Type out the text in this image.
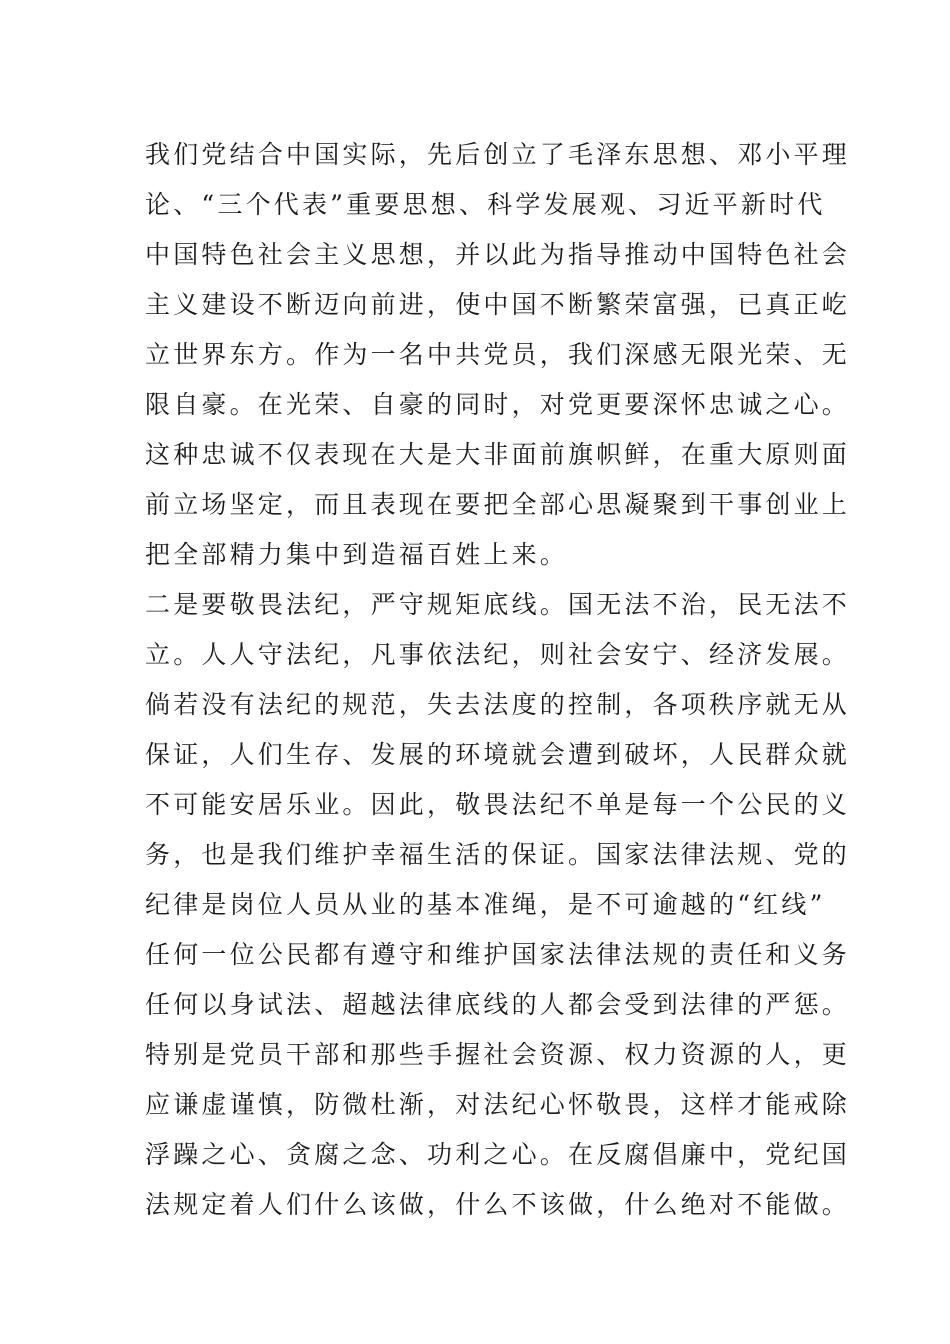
我们党结合中国实际，先后创立了毛泽东思想、邓小平理
论、“三个代表”重要思想、科学发展观、习近平新时代
中国特色社会主义思想，并以此为指导推动中国特色社会
主义建设不断迈向前进，使中国不断繁荣富强，已真正屹
立世界东方。作为一名中共党员，我们深感无限光荣、无
限自豪。在光荣、自豪的同时，对党更要深怀忠诚之心。
这种忠诚不仅表现在大是大非面前旗帜鲜，在重大原则面
前立场坚定，而且表现在要把全部心思凝聚到干事创业上
把全部精力集中到造福百姓上来。
二是要敬畏法纪，严守规矩底线。国无法不治，民无法不
立。人人守法纪，凡事依法纪，则社会安宁、经济发展。
倘若没有法纪的规范，失去法度的控制，各项秩序就无从
保证，人们生存、发展的环境就会遭到破坏，人民群众就
不可能安居乐业。因此，敬畏法纪不单是每一个公民的义
务，也是我们维护幸福生活的保证。国家法律法规、党的
纪律是岗位人员从业的基本准绳，是不可逾越的“红线”
任何一位公民都有遵守和维护国家法律法规的责任和义务
任何以身试法、超越法律底线的人都会受到法律的严惩。
特别是党员干部和那些手握社会资源、权力资源的人，更
应谦虚谨慎，防微杜渐，对法纪心怀敬畏，这样才能戒除
浮躁之心、贪腐之念、功利之心。在反腐倡廉中，党纪国
法规定着人们什么该做，什么不该做，什么绝对不能做。
